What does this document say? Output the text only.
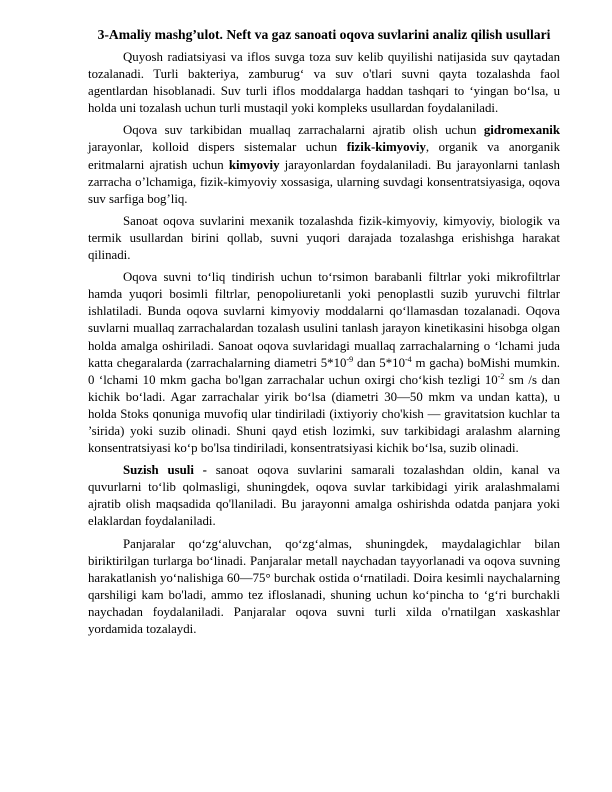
3-Amaliy mashg’ulot. Neft va gaz sanoati oqova suvlarini analiz qilish usullari

Quyosh radiatsiyasi va iflos suvga toza suv kelib quyilishi natijasida suv qaytadan tozalanadi. Turli bakteriya, zamburug‘ va suv o'tlari suvni qayta tozalashda faol agentlardan hisoblanadi. Suv turli iflos moddalarga haddan tashqari to ‘yingan bo‘lsa, u holda uni tozalash uchun turli mustaqil yoki kompleks usullardan foydalaniladi.

Oqova suv tarkibidan muallaq zarrachalarni ajratib olish uchun gidromexanik jarayonlar, kolloid dispers sistemalar uchun fizik-kimyoviy, organik va anorganik eritmalarni ajratish uchun kimyoviy jarayonlardan foydalaniladi. Bu jarayonlarni tanlash zarracha o’lchamiga, fizik-kimyoviy xossasiga, ularning suvdagi konsentratsiyasiga, oqova suv sarfiga bog’liq.

Sanoat oqova suvlarini mexanik tozalashda fizik-kimyoviy, kimyoviy, biologik va termik usullardan birini qollab, suvni yuqori darajada tozalashga erishishga harakat qilinadi.

Oqova suvni to‘liq tindirish uchun to‘rsimon barabanli filtrlar yoki mikrofiltrlar hamda yuqori bosimli filtrlar, penopoliuretanli yoki penoplastli suzib yuruvchi filtrlar ishlatiladi. Bunda oqova suvlarni kimyoviy moddalarni qo‘llamasdan tozalanadi. Oqova suvlarni muallaq zarrachalardan tozalash usulini tanlash jarayon kinetikasini hisobga olgan holda amalga oshiriladi. Sanoat oqova suvlaridagi muallaq zarrachalarning o ‘lchami juda katta chegaralarda (zarrachalarning diametri $5*10^{-9}$ dan $5*10^{-4}$ m gacha) boMishi mumkin. 0 ‘lchami 10 mkm gacha bo'lgan zarrachalar uchun oxirgi cho‘kish tezligi $10^{-2}$ sm /s dan kichik bo‘ladi. Agar zarrachalar yirik bo‘lsa (diametri 30—50 mkm va undan katta), u holda Stoks qonuniga muvofiq ular tindiriladi (ixtiyoriy cho'kish — gravitatsion kuchlar ta ’sirida) yoki suzib olinadi. Shuni qayd etish lozimki, suv tarkibidagi aralashm alarning konsentratsiyasi ko‘p bo'lsa tindiriladi, konsentratsiyasi kichik bo‘lsa, suzib olinadi.

Suzish usuli - sanoat oqova suvlarini samarali tozalashdan oldin, kanal va quvurlarni to‘lib qolmasligi, shuningdek, oqova suvlar tarkibidagi yirik aralashmalami ajratib olish maqsadida qo'llaniladi. Bu jarayonni amalga oshirishda odatda panjara yoki elaklardan foydalaniladi.

Panjaralar qo‘zg‘aluvchan, qo‘zg‘almas, shuningdek, maydalagichlar bilan biriktirilgan turlarga bo‘linadi. Panjaralar metall naychadan tayyorlanadi va oqova suvning harakatlanish yo‘nalishiga 60—75° burchak ostida o‘rnatiladi. Doira kesimli naychalarning qarshiligi kam bo'ladi, ammo tez ifloslanadi, shuning uchun ko‘pincha to ‘g‘ri burchakli naychadan foydalaniladi. Panjaralar oqova suvni turli xilda o'rnatilgan xaskashlar yordamida tozalaydi.
